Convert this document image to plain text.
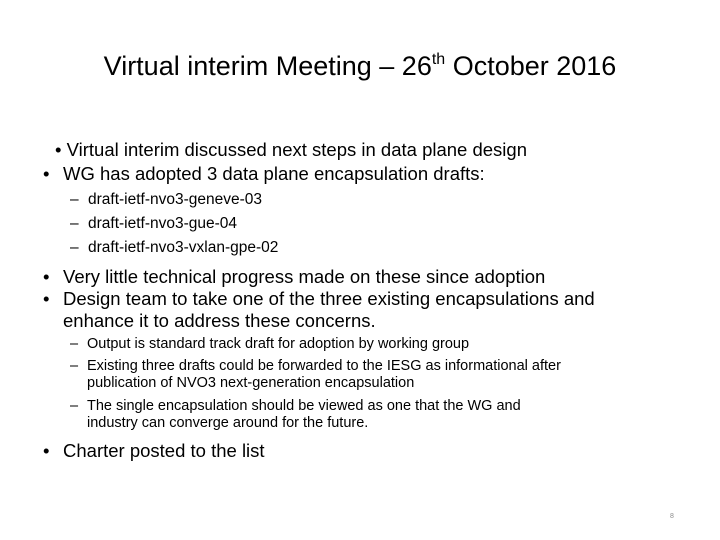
Virtual interim Meeting – 26th October 2016
• Virtual interim discussed next steps in data plane design
• WG has adopted 3 data plane encapsulation drafts:
– draft-ietf-nvo3-geneve-03
– draft-ietf-nvo3-gue-04
– draft-ietf-nvo3-vxlan-gpe-02
• Very little technical progress made on these since adoption
• Design team to take one of the three existing encapsulations and
enhance it to address these concerns.
– Output is standard track draft for adoption by working group
– Existing three drafts could be forwarded to the IESG as informational after
publication of NVO3 next-generation encapsulation
– The single encapsulation should be viewed as one that the WG and
industry can converge around for the future.
• Charter posted to the list
8
